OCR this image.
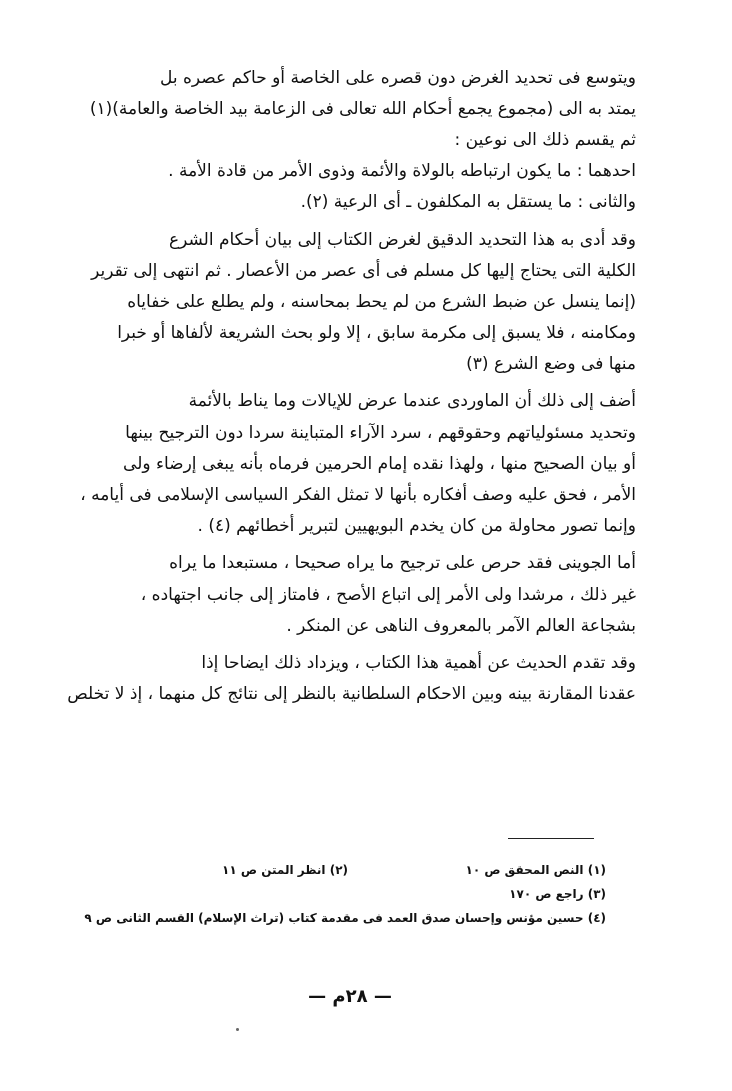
ويتوسع فى تحديد الغرض دون قصره على الخاصة أو حاكم عصره بل
يمتد به الى (مجموع يجمع أحكام الله تعالى فى الزعامة بيد الخاصة والعامة)(١)
ثم يقسم ذلك الى نوعين :
احدهما : ما يكون ارتباطه بالولاة والأئمة وذوى الأمر من قادة الأمة .
والثانى : ما يستقل به المكلفون ـ أى الرعية (٢).
وقد أدى به هذا التحديد الدقيق لغرض الكتاب إلى بيان أحكام الشرع
الكلية التى يحتاج إليها كل مسلم فى أى عصر من الأعصار . ثم انتهى إلى تقرير
(إنما ينسل عن ضبط الشرع من لم يحط بمحاسنه ، ولم يطلع على خفاياه
ومكامنه ، فلا يسبق إلى مكرمة سابق ، إلا ولو بحث الشريعة لألفاها أو خبرا
منها فى وضع الشرع (٣)
أضف إلى ذلك أن الماوردى عندما عرض للإيالات وما يناط بالأئمة
وتحديد مسئولياتهم وحقوقهم ، سرد الآراء المتباينة سردا دون الترجيح بينها
أو بيان الصحيح منها ، ولهذا نقده إمام الحرمين فرماه بأنه يبغى إرضاء ولى
الأمر ، فحق عليه وصف أفكاره بأنها لا تمثل الفكر السياسى الإسلامى فى أيامه ،
وإنما تصور محاولة من كان يخدم البويهيين لتبرير أخطائهم (٤) .
أما الجوينى فقد حرص على ترجيح ما يراه صحيحا ، مستبعدا ما يراه
غير ذلك ، مرشدا ولى الأمر إلى اتباع الأصح ، فامتاز إلى جانب اجتهاده ،
بشجاعة العالم الآمر بالمعروف الناهى عن المنكر .
وقد تقدم الحديث عن أهمية هذا الكتاب ، ويزداد ذلك ايضاحا إذا
عقدنا المقارنة بينه وبين الاحكام السلطانية بالنظر إلى نتائج كل منهما ، إذ لا تخلص
(١) النص المحقق ص ١٠
(٢) انظر المتن ص ١١
(٣) راجع ص ١٧٠
(٤) حسين مؤنس وإحسان صدق العمد فى مقدمة كتاب (تراث الإسلام) القسم الثانى ص ٩
— ٢٨م —
